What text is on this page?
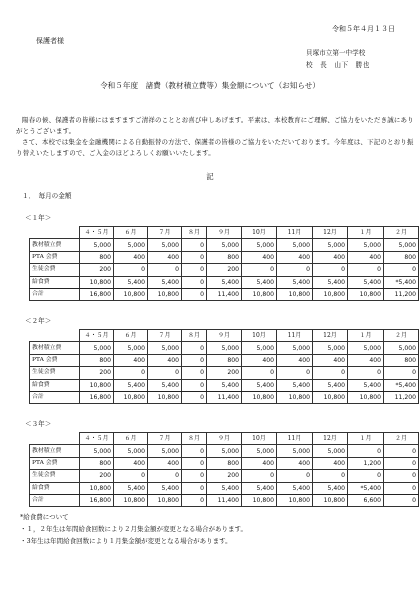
令和５年４月１３日
保護者様
貝塚市立第一中学校
校　長　山下　勝也
令和５年度　諸費（教材積立費等）集金額について（お知らせ）
陽春の候、保護者の皆様にはますますご清祥のこととお喜び申しあげます。平素は、本校教育にご理解、ご協力をいただき誠にありがとうございます。
さて、本校では集金を金融機関による自動振替の方法で、保護者の皆様のご協力をいただいております。今年度は、下記のとおり振り替えいたしますので、ご入金のほどよろしくお願いいたします。
記
１．　毎月の金額
＜１年＞
	４・５月	６月	７月	８月	９月	10月	11月	12月	１月	２月
教材積立費	5,000	5,000	5,000	0	5,000	5,000	5,000	5,000	5,000	5,000
PTA 会費	800	400	400	0	800	400	400	400	400	800
生徒会費	200	0	0	0	200	0	0	0	0	0
給食費	10,800	5,400	5,400	0	5,400	5,400	5,400	5,400	5,400	*5,400
合計	16,800	10,800	10,800	0	11,400	10,800	10,800	10,800	10,800	11,200
＜２年＞
	４・５月	６月	７月	８月	９月	10月	11月	12月	１月	２月
教材積立費	5,000	5,000	5,000	0	5,000	5,000	5,000	5,000	5,000	5,000
PTA 会費	800	400	400	0	800	400	400	400	400	800
生徒会費	200	0	0	0	200	0	0	0	0	0
給食費	10,800	5,400	5,400	0	5,400	5,400	5,400	5,400	5,400	*5,400
合計	16,800	10,800	10,800	0	11,400	10,800	10,800	10,800	10,800	11,200
＜３年＞
	４・５月	６月	７月	８月	９月	10月	11月	12月	１月	２月
教材積立費	5,000	5,000	5,000	0	5,000	5,000	5,000	5,000	0	0
PTA 会費	800	400	400	0	800	400	400	400	1,200	0
生徒会費	200	0	0	0	200	0	0	0	0	0
給食費	10,800	5,400	5,400	0	5,400	5,400	5,400	5,400	*5,400	0
合計	16,800	10,800	10,800	0	11,400	10,800	10,800	10,800	6,600	0
*給食費について
・１，２年生は年間給食回数により２月集金額が変更となる場合があります。
・3年生は年間給食回数により１月集金額が変更となる場合があります。
